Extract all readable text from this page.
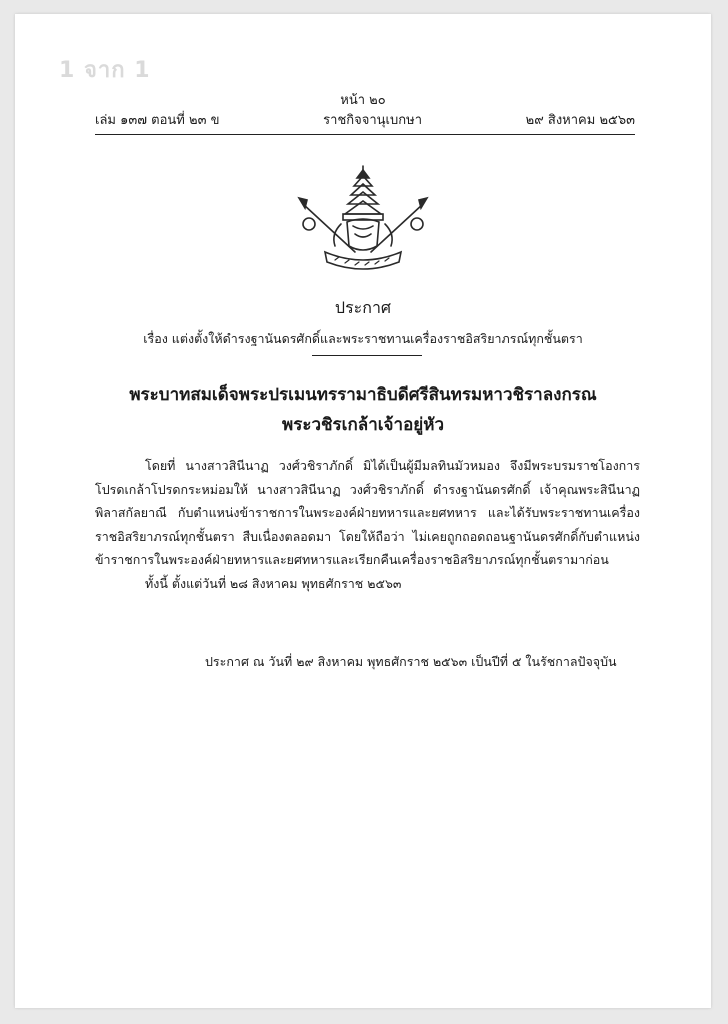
1 จาก 1
หน้า ๒๐
เล่ม ๑๓๗ ตอนที่ ๒๓ ข	ราชกิจจานุเบกษา	๒๙ สิงหาคม ๒๕๖๓
ประกาศ
เรื่อง แต่งตั้งให้ดำรงฐานันดรศักดิ์และพระราชทานเครื่องราชอิสริยาภรณ์ทุกชั้นตรา
พระบาทสมเด็จพระปรเมนทรรามาธิบดีศรีสินทรมหาวชิราลงกรณ
พระวชิรเกล้าเจ้าอยู่หัว

โดยที่ นางสาวสินีนาฏ วงศ์วชิราภักดิ์ มิได้เป็นผู้มีมลทินมัวหมอง จึงมีพระบรมราชโองการโปรดเกล้าโปรดกระหม่อมให้ นางสาวสินีนาฏ วงศ์วชิราภักดิ์ ดำรงฐานันดรศักดิ์ เจ้าคุณพระสินีนาฏ พิลาสกัลยาณี กับตำแหน่งข้าราชการในพระองค์ฝ่ายทหารและยศทหาร และได้รับพระราชทานเครื่องราชอิสริยาภรณ์ทุกชั้นตรา สืบเนื่องตลอดมา โดยให้ถือว่า ไม่เคยถูกถอดถอนฐานันดรศักดิ์กับตำแหน่งข้าราชการในพระองค์ฝ่ายทหารและยศทหารและเรียกคืนเครื่องราชอิสริยาภรณ์ทุกชั้นตรามาก่อน

ทั้งนี้ ตั้งแต่วันที่ ๒๘ สิงหาคม พุทธศักราช ๒๕๖๓

ประกาศ ณ วันที่ ๒๙ สิงหาคม พุทธศักราช ๒๕๖๓ เป็นปีที่ ๕ ในรัชกาลปัจจุบัน
